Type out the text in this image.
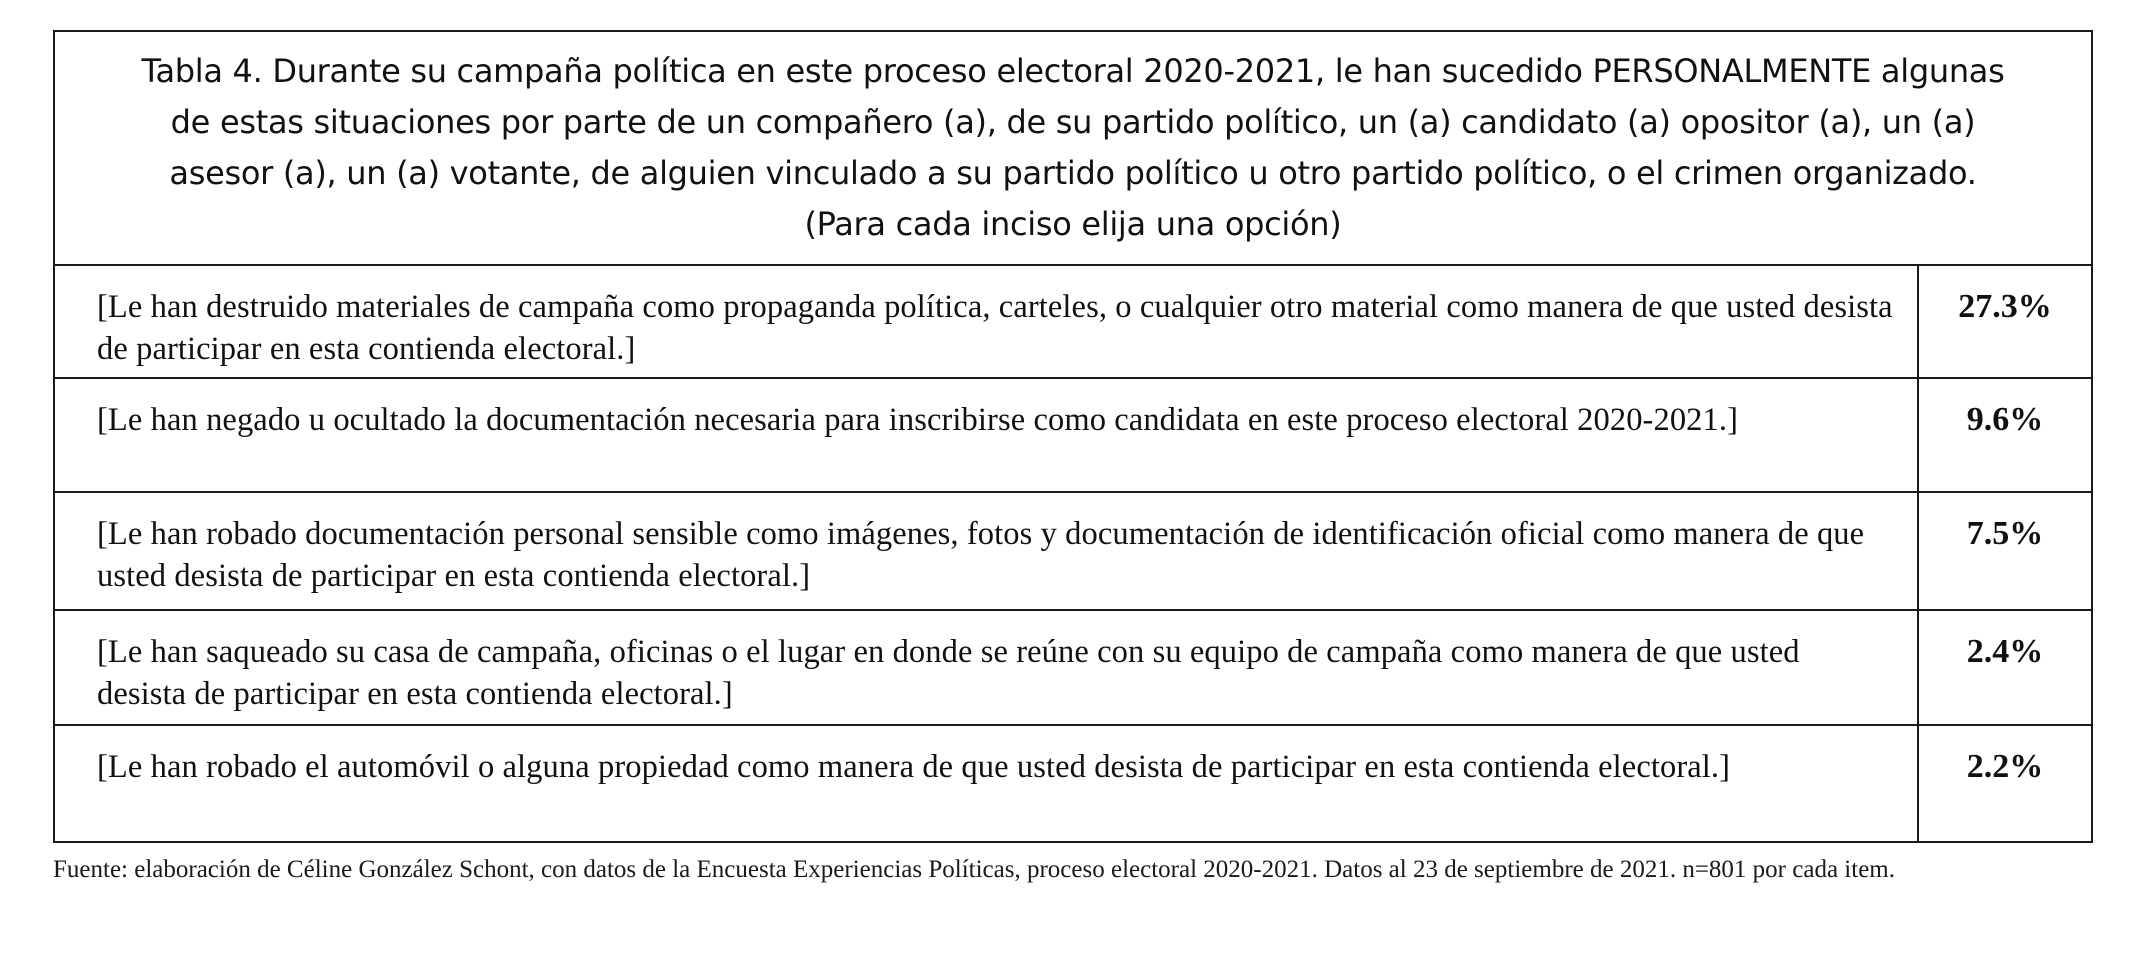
Tabla 4. Durante su campaña política en este proceso electoral 2020-2021, le han sucedido PERSONALMENTE algunas
de estas situaciones por parte de un compañero (a), de su partido político, un (a) candidato (a) opositor (a), un (a)
asesor (a), un (a) votante, de alguien vinculado a su partido político u otro partido político, o el crimen organizado.
(Para cada inciso elija una opción)
[Le han destruido materiales de campaña como propaganda política, carteles, o cualquier otro material como manera de que usted desista de participar en esta contienda electoral.]
27.3%
[Le han negado u ocultado la documentación necesaria para inscribirse como candidata en este proceso electoral 2020-2021.]	9.6%
[Le han robado documentación personal sensible como imágenes, fotos y documentación de identificación oficial como manera de que usted desista de participar en esta contienda electoral.]
7.5%
[Le han saqueado su casa de campaña, oficinas o el lugar en donde se reúne con su equipo de campaña como manera de que usted desista de participar en esta contienda electoral.]
2.4%
[Le han robado el automóvil o alguna propiedad como manera de que usted desista de participar en esta contienda electoral.]	2.2%
Fuente: elaboración de Céline González Schont, con datos de la Encuesta Experiencias Políticas, proceso electoral 2020-2021. Datos al 23 de septiembre de 2021. n=801 por cada item.
